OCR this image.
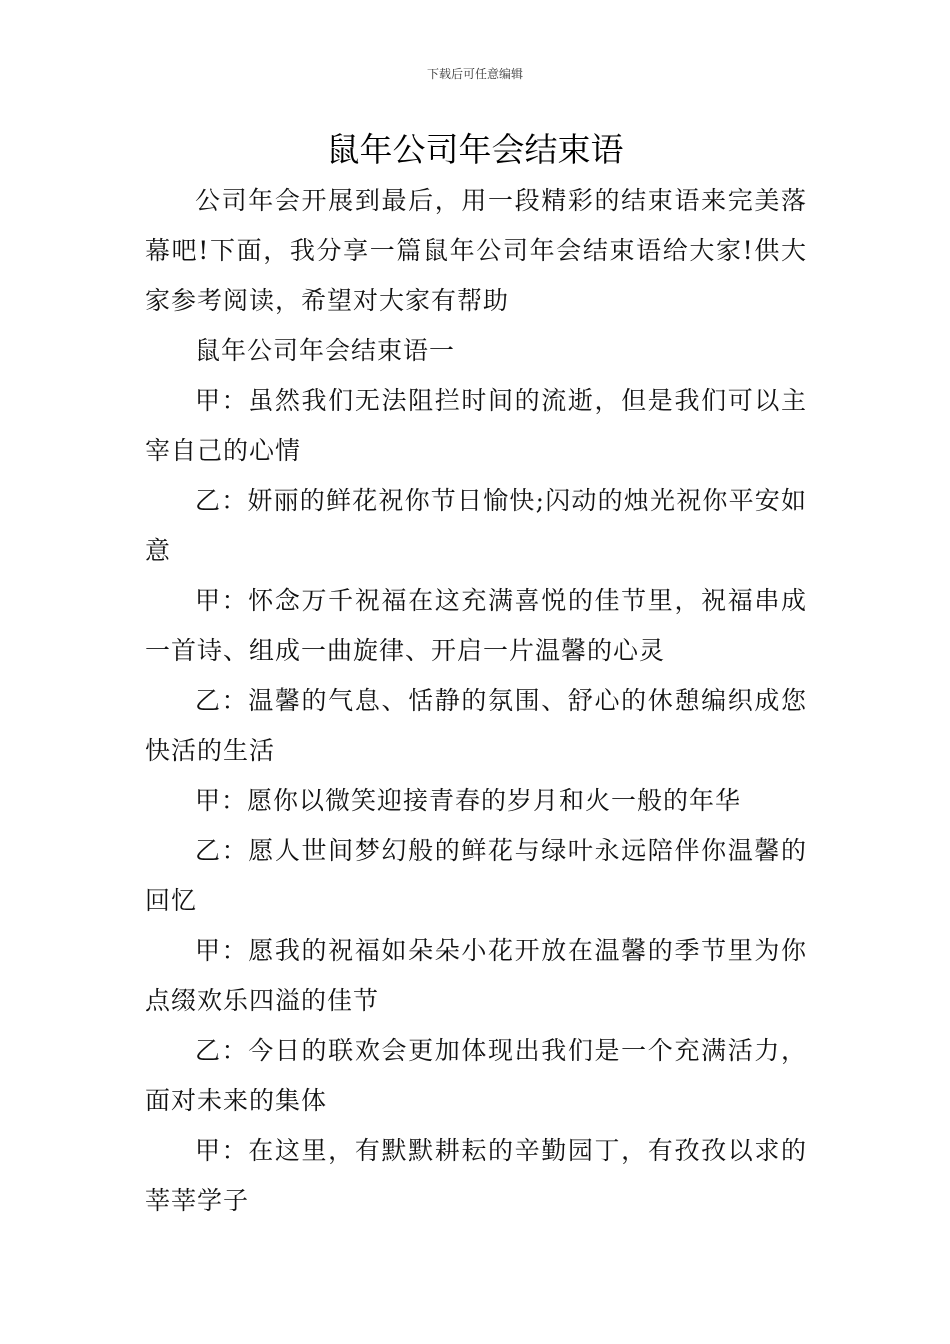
下载后可任意编辑
鼠年公司年会结束语

公司年会开展到最后，用一段精彩的结束语来完美落幕吧!下面，我分享一篇鼠年公司年会结束语给大家!供大家参考阅读，希望对大家有帮助

鼠年公司年会结束语一

甲：虽然我们无法阻拦时间的流逝，但是我们可以主宰自己的心情

乙：妍丽的鲜花祝你节日愉快;闪动的烛光祝你平安如意

甲：怀念万千祝福在这充满喜悦的佳节里，祝福串成一首诗、组成一曲旋律、开启一片温馨的心灵

乙：温馨的气息、恬静的氛围、舒心的休憩编织成您快活的生活

甲：愿你以微笑迎接青春的岁月和火一般的年华

乙：愿人世间梦幻般的鲜花与绿叶永远陪伴你温馨的回忆

甲：愿我的祝福如朵朵小花开放在温馨的季节里为你点缀欢乐四溢的佳节

乙：今日的联欢会更加体现出我们是一个充满活力，面对未来的集体

甲：在这里，有默默耕耘的辛勤园丁，有孜孜以求的莘莘学子
